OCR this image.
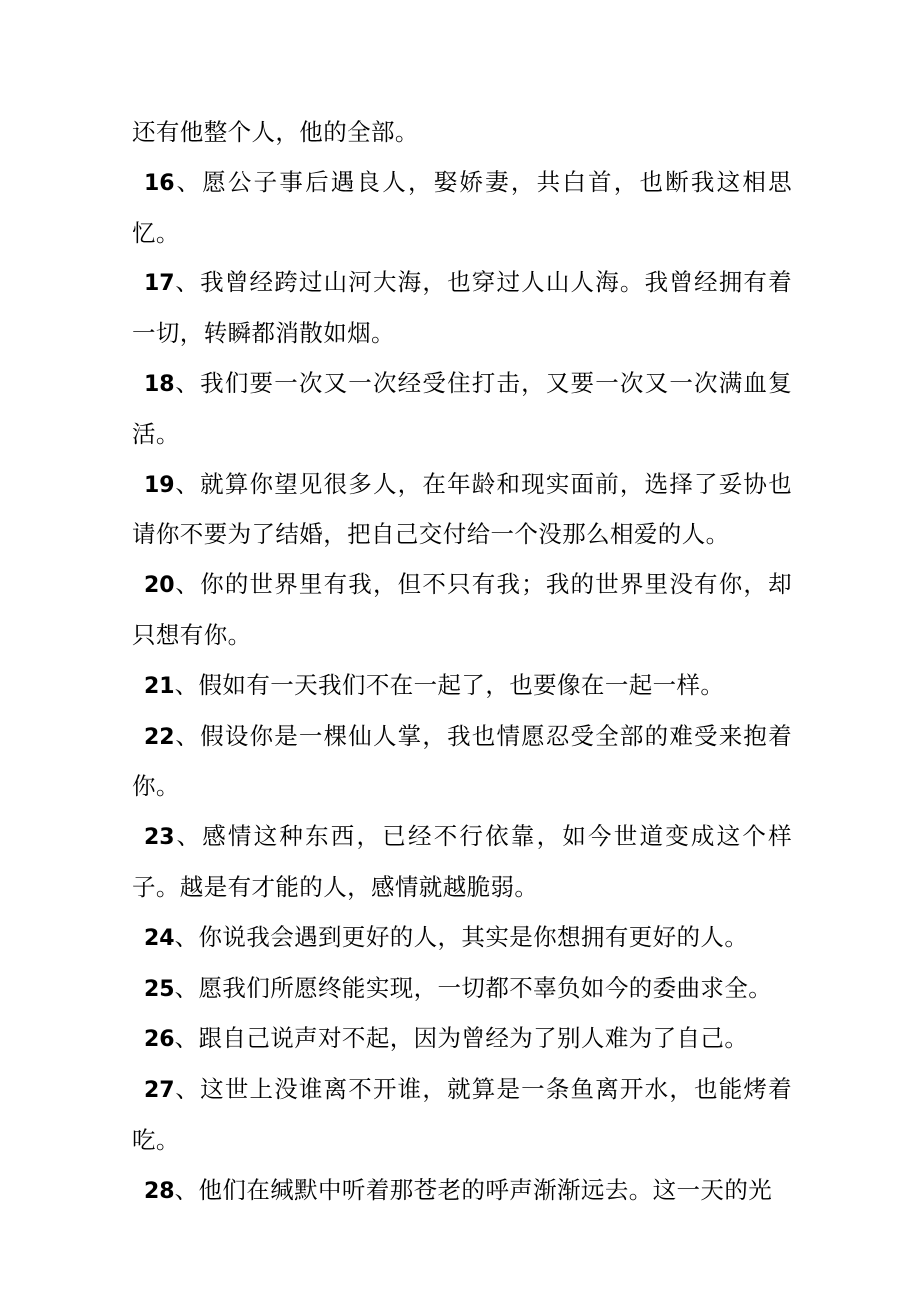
还有他整个人，他的全部。

16、愿公子事后遇良人，娶娇妻，共白首，也断我这相思忆。

17、我曾经跨过山河大海，也穿过人山人海。我曾经拥有着一切，转瞬都消散如烟。

18、我们要一次又一次经受住打击，又要一次又一次满血复活。

19、就算你望见很多人，在年龄和现实面前，选择了妥协也请你不要为了结婚，把自己交付给一个没那么相爱的人。

20、你的世界里有我，但不只有我；我的世界里没有你，却只想有你。

21、假如有一天我们不在一起了，也要像在一起一样。

22、假设你是一棵仙人掌，我也情愿忍受全部的难受来抱着你。

23、感情这种东西，已经不行依靠，如今世道变成这个样子。越是有才能的人，感情就越脆弱。

24、你说我会遇到更好的人，其实是你想拥有更好的人。

25、愿我们所愿终能实现，一切都不辜负如今的委曲求全。

26、跟自己说声对不起，因为曾经为了别人难为了自己。

27、这世上没谁离不开谁，就算是一条鱼离开水，也能烤着吃。

28、他们在缄默中听着那苍老的呼声渐渐远去。这一天的光
